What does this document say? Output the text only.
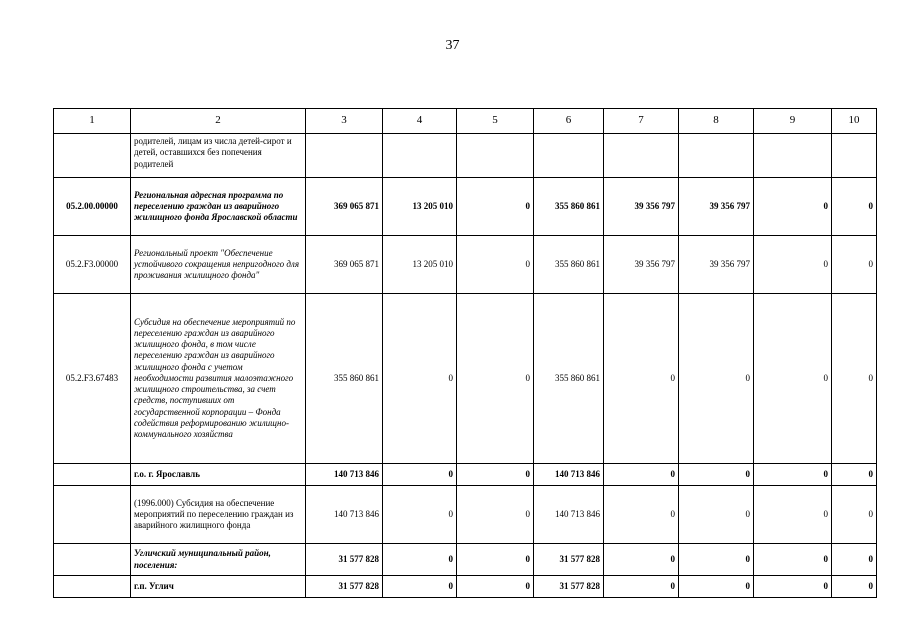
37
1	2	3	4	5	6	7	8	9	10
	родителей, лицам из числа детей-сирот и детей, оставшихся без попечения родителей								
05.2.00.00000	Региональная адресная программа по переселению граждан из аварийного жилищного фонда Ярославской области	369 065 871	13 205 010	0	355 860 861	39 356 797	39 356 797	0	0
05.2.F3.00000	Региональный проект "Обеспечение устойчивого сокращения непригодного для проживания жилищного фонда"	369 065 871	13 205 010	0	355 860 861	39 356 797	39 356 797	0	0
05.2.F3.67483	Субсидия на обеспечение мероприятий по переселению граждан из аварийного жилищного фонда, в том числе переселению граждан из аварийного жилищного фонда с учетом необходимости развития малоэтажного жилищного строительства, за счет средств, поступивших от государственной корпорации – Фонда содействия реформированию жилищно-коммунального хозяйства	355 860 861	0	0	355 860 861	0	0	0	0
	г.о. г. Ярославль	140 713 846	0	0	140 713 846	0	0	0	0
	(1996.000) Субсидия на обеспечение мероприятий по переселению граждан из аварийного жилищного фонда	140 713 846	0	0	140 713 846	0	0	0	0
	Угличский муниципальный район, поселения:	31 577 828	0	0	31 577 828	0	0	0	0
	г.п. Углич	31 577 828	0	0	31 577 828	0	0	0	0
